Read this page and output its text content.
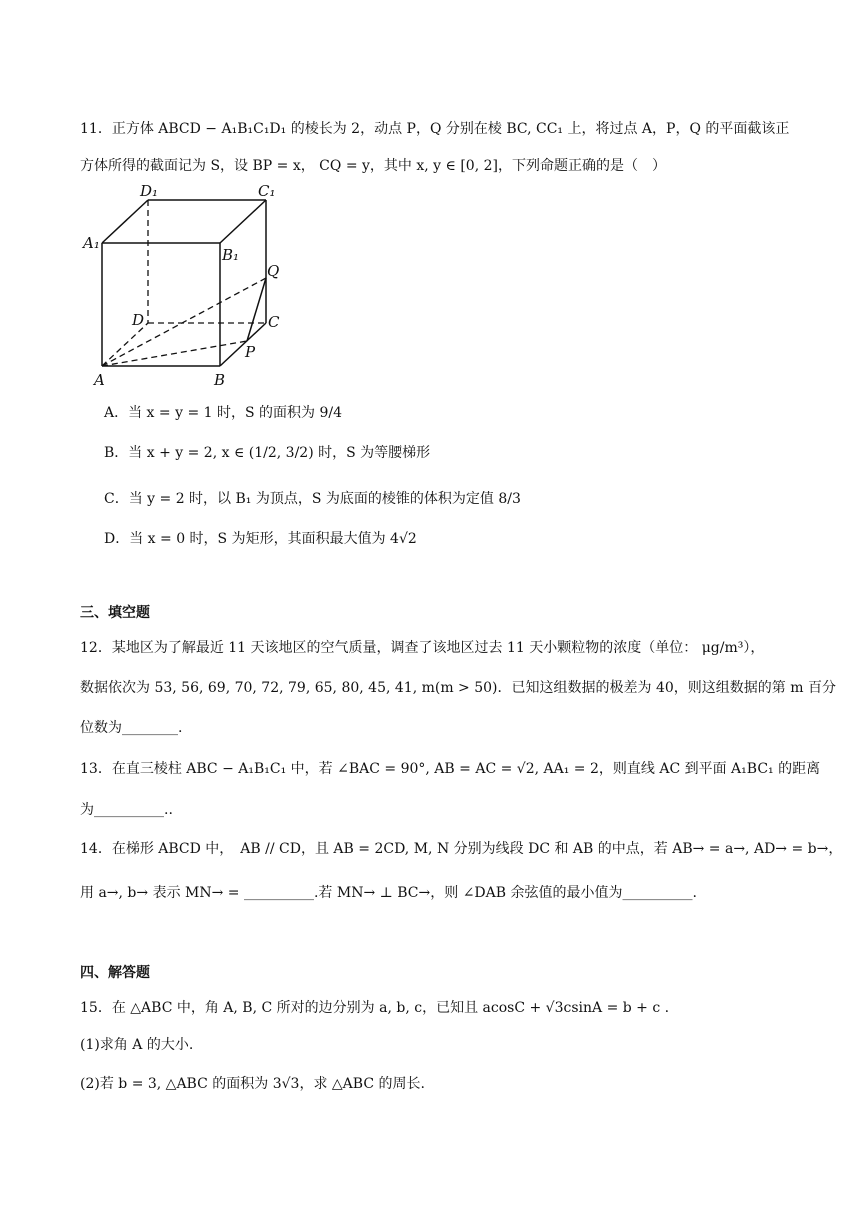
11．正方体 ABCD − A₁B₁C₁D₁ 的棱长为 2，动点 P，Q 分别在棱 BC, CC₁ 上，将过点 A，P，Q 的平面截该正
方体所得的截面记为 S，设 BP = x， CQ = y，其中 x, y ∈ [0, 2]，下列命题正确的是（　）
D₁	C₁
A₁
B₁
Q
D	C
P
A	B
A．当 x = y = 1 时，S 的面积为 9/4
B．当 x + y = 2, x ∈ (1/2, 3/2) 时，S 为等腰梯形
C．当 y = 2 时，以 B₁ 为顶点，S 为底面的棱锥的体积为定值 8/3
D．当 x = 0 时，S 为矩形，其面积最大值为 4√2
三、填空题
12．某地区为了解最近 11 天该地区的空气质量，调查了该地区过去 11 天小颗粒物的浓度（单位： μg/m³），
数据依次为 53, 56, 69, 70, 72, 79, 65, 80, 45, 41, m(m > 50)．已知这组数据的极差为 40，则这组数据的第 m 百分
位数为________.
13．在直三棱柱 ABC − A₁B₁C₁ 中，若 ∠BAC = 90°, AB = AC = √2, AA₁ = 2，则直线 AC 到平面 A₁BC₁ 的距离
为__________..
14．在梯形 ABCD 中，　AB // CD，且 AB = 2CD, M, N 分别为线段 DC 和 AB 的中点，若 AB→ = a→, AD→ = b→，
用 a→, b→ 表示 MN→ = __________.若 MN→ ⊥ BC→，则 ∠DAB 余弦值的最小值为__________.
四、解答题
15．在 △ABC 中，角 A, B, C 所对的边分别为 a, b, c，已知且 acosC + √3csinA = b + c .
(1)求角 A 的大小.
(2)若 b = 3, △ABC 的面积为 3√3，求 △ABC 的周长.
